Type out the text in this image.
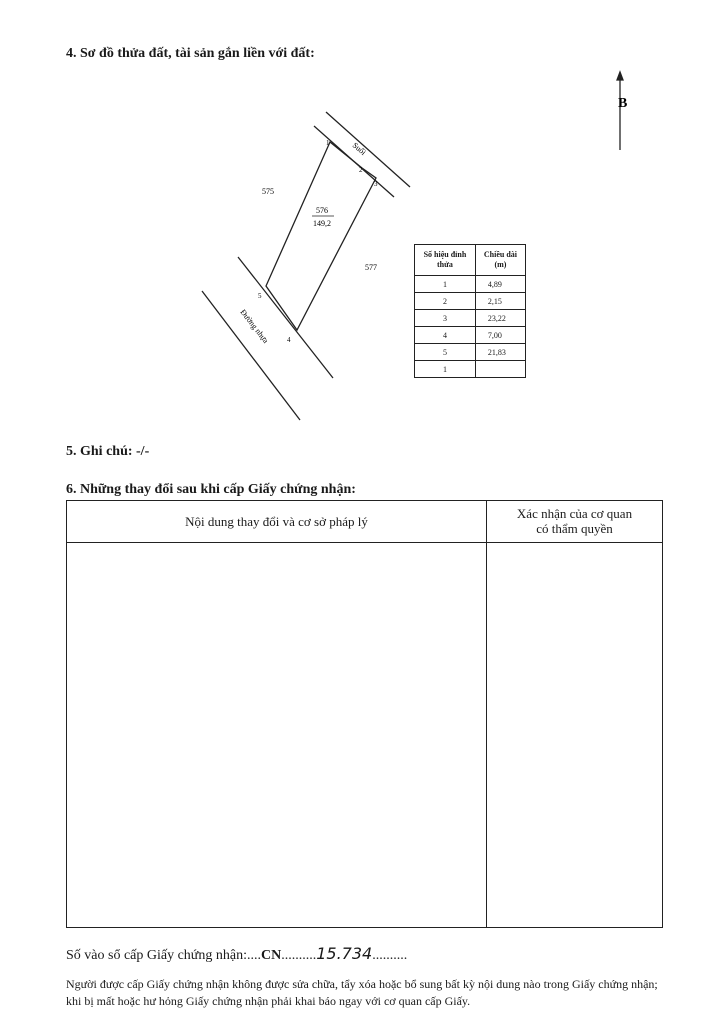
4. Sơ đồ thửa đất, tài sản gắn liền với đất:
B
Suối
Đường nhựa
576
149,2
575
577
1
2
3
4
5
Số hiệu đỉnh thửa	Chiều dài (m)
1	4,89
2	2,15
3	23,22
4	7,00
5	21,83
1	
5. Ghi chú: -/-
6. Những thay đổi sau khi cấp Giấy chứng nhận:
Nội dung thay đổi và cơ sở pháp lý	Xác nhận của cơ quan
có thẩm quyền
Số vào sổ cấp Giấy chứng nhận:....CN..........15.734..........
Người được cấp Giấy chứng nhận không được sửa chữa, tẩy xóa hoặc bổ sung bất kỳ nội dung nào trong Giấy chứng nhận; khi bị mất hoặc hư hỏng Giấy chứng nhận phải khai báo ngay với cơ quan cấp Giấy.
